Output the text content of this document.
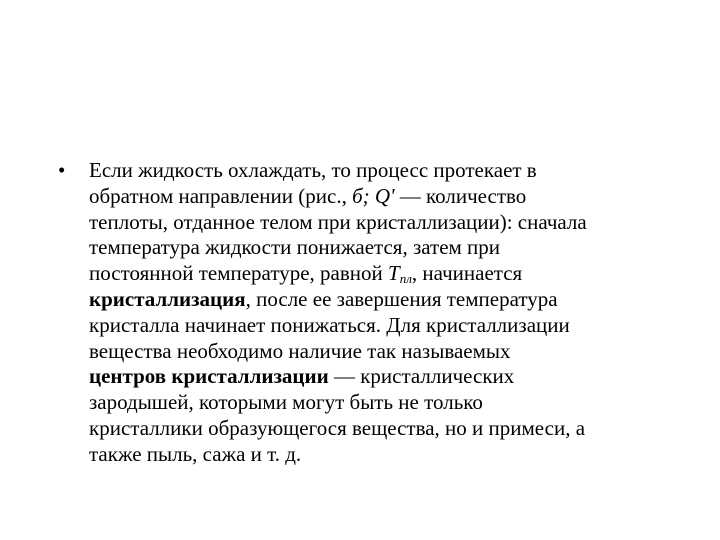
• Если жидкость охлаждать, то процесс протекает в
обратном направлении (рис., б; Q' — количество
теплоты, отданное телом при кристаллизации): сначала
температура жидкости понижается, затем при
постоянной температуре, равной $T_{пл}$, начинается
кристаллизация, после ее завершения температура
кристалла начинает понижаться. Для кристаллизации
вещества необходимо наличие так называемых
центров кристаллизации — кристаллических
зародышей, которыми могут быть не только
кристаллики образующегося вещества, но и примеси, а
также пыль, сажа и т. д.
